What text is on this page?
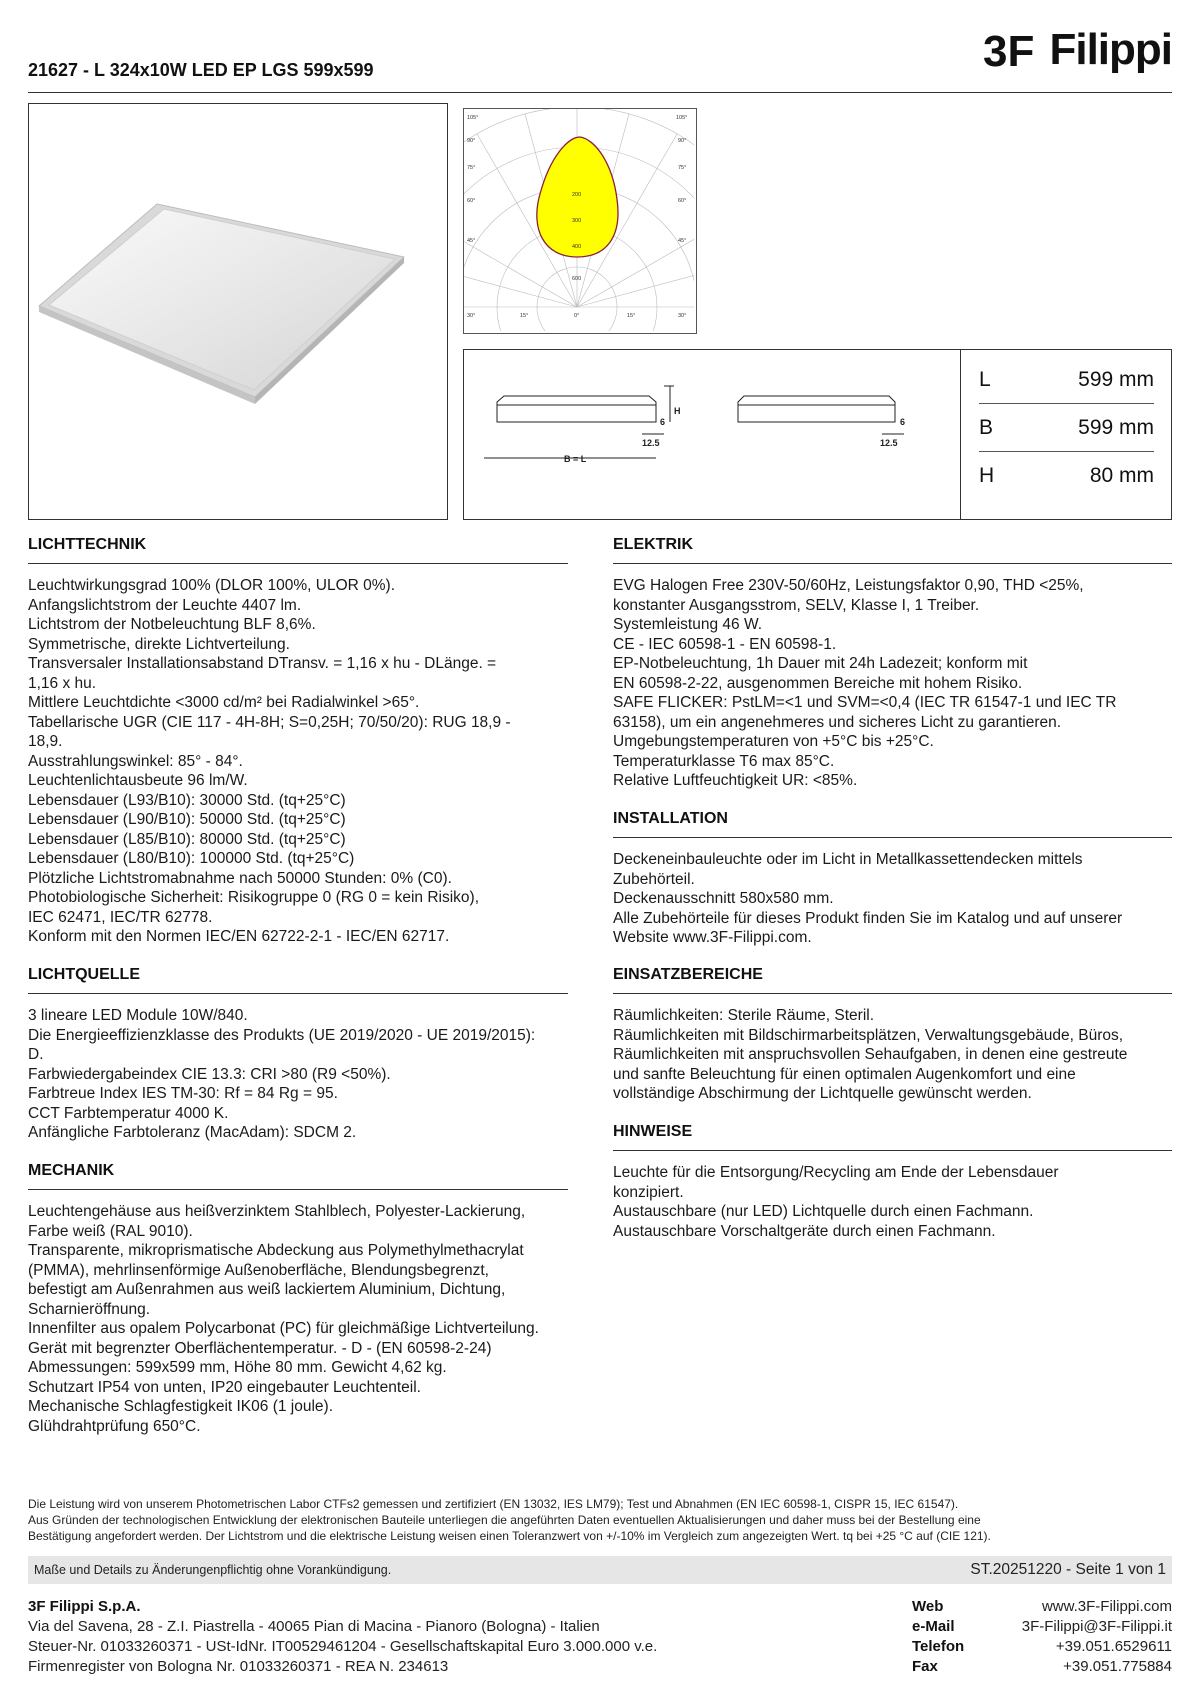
21627 - L 324x10W LED EP LGS 599x599	3F Filippi
105°	105°
90°	90°
75°	75°
60°	60°
45°	45°
30°	15°	0°	15°	30°
200
300
400
600
H
6	6
12.5	12.5
B = L
L	599 mm
B	599 mm
H	80 mm
LICHTTECHNIK
Leuchtwirkungsgrad 100% (DLOR 100%, ULOR 0%).
Anfangslichtstrom der Leuchte 4407 lm.
Lichtstrom der Notbeleuchtung BLF 8,6%.
Symmetrische, direkte Lichtverteilung.
Transversaler Installationsabstand DTransv. = 1,16 x hu - DLänge. =
1,16 x hu.
Mittlere Leuchtdichte <3000 cd/m² bei Radialwinkel >65°.
Tabellarische UGR (CIE 117 - 4H-8H; S=0,25H; 70/50/20): RUG 18,9 -
18,9.
Ausstrahlungswinkel: 85° - 84°.
Leuchtenlichtausbeute 96 lm/W.
Lebensdauer (L93/B10): 30000 Std. (tq+25°C)
Lebensdauer (L90/B10): 50000 Std. (tq+25°C)
Lebensdauer (L85/B10): 80000 Std. (tq+25°C)
Lebensdauer (L80/B10): 100000 Std. (tq+25°C)
Plötzliche Lichtstromabnahme nach 50000 Stunden: 0% (C0).
Photobiologische Sicherheit: Risikogruppe 0 (RG 0 = kein Risiko),
IEC 62471, IEC/TR 62778.
Konform mit den Normen IEC/EN 62722-2-1 - IEC/EN 62717.
LICHTQUELLE
3 lineare LED Module 10W/840.
Die Energieeffizienzklasse des Produkts (UE 2019/2020 - UE 2019/2015):
D.
Farbwiedergabeindex CIE 13.3: CRI >80 (R9 <50%).
Farbtreue Index IES TM-30: Rf = 84 Rg = 95.
CCT Farbtemperatur 4000 K.
Anfängliche Farbtoleranz (MacAdam): SDCM 2.
MECHANIK
Leuchtengehäuse aus heißverzinktem Stahlblech, Polyester-Lackierung,
Farbe weiß (RAL 9010).
Transparente, mikroprismatische Abdeckung aus Polymethylmethacrylat
(PMMA), mehrlinsenförmige Außenoberfläche, Blendungsbegrenzt,
befestigt am Außenrahmen aus weiß lackiertem Aluminium, Dichtung,
Scharnieröffnung.
Innenfilter aus opalem Polycarbonat (PC) für gleichmäßige Lichtverteilung.
Gerät mit begrenzter Oberflächentemperatur. - D - (EN 60598-2-24)
Abmessungen: 599x599 mm, Höhe 80 mm. Gewicht 4,62 kg.
Schutzart IP54 von unten, IP20 eingebauter Leuchtenteil.
Mechanische Schlagfestigkeit IK06 (1 joule).
Glühdrahtprüfung 650°C.
ELEKTRIK
EVG Halogen Free 230V-50/60Hz, Leistungsfaktor 0,90, THD <25%,
konstanter Ausgangsstrom, SELV, Klasse I, 1 Treiber.
Systemleistung 46 W.
CE - IEC 60598-1 - EN 60598-1.
EP-Notbeleuchtung, 1h Dauer mit 24h Ladezeit; konform mit
EN 60598-2-22, ausgenommen Bereiche mit hohem Risiko.
SAFE FLICKER: PstLM=<1 und SVM=<0,4 (IEC TR 61547-1 und IEC TR
63158), um ein angenehmeres und sicheres Licht zu garantieren.
Umgebungstemperaturen von +5°C bis +25°C.
Temperaturklasse T6 max 85°C.
Relative Luftfeuchtigkeit UR: <85%.
INSTALLATION
Deckeneinbauleuchte oder im Licht in Metallkassettendecken mittels
Zubehörteil.
Deckenausschnitt 580x580 mm.
Alle Zubehörteile für dieses Produkt finden Sie im Katalog und auf unserer
Website www.3F-Filippi.com.
EINSATZBEREICHE
Räumlichkeiten: Sterile Räume, Steril.
Räumlichkeiten mit Bildschirmarbeitsplätzen, Verwaltungsgebäude, Büros,
Räumlichkeiten mit anspruchsvollen Sehaufgaben, in denen eine gestreute
und sanfte Beleuchtung für einen optimalen Augenkomfort und eine
vollständige Abschirmung der Lichtquelle gewünscht werden.
HINWEISE
Leuchte für die Entsorgung/Recycling am Ende der Lebensdauer
konzipiert.
Austauschbare (nur LED) Lichtquelle durch einen Fachmann.
Austauschbare Vorschaltgeräte durch einen Fachmann.
Die Leistung wird von unserem Photometrischen Labor CTFs2 gemessen und zertifiziert (EN 13032, IES LM79); Test und Abnahmen (EN IEC 60598-1, CISPR 15, IEC 61547).
Aus Gründen der technologischen Entwicklung der elektronischen Bauteile unterliegen die angeführten Daten eventuellen Aktualisierungen und daher muss bei der Bestellung eine
Bestätigung angefordert werden. Der Lichtstrom und die elektrische Leistung weisen einen Toleranzwert von +/-10% im Vergleich zum angezeigten Wert. tq bei +25 °C auf (CIE 121).
Maße und Details zu Änderungenpflichtig ohne Vorankündigung.	ST.20251220 - Seite 1 von 1
3F Filippi S.p.A.
Via del Savena, 28 - Z.I. Piastrella - 40065 Pian di Macina - Pianoro (Bologna) - Italien
Steuer-Nr. 01033260371 - USt-IdNr. IT00529461204 - Gesellschaftskapital Euro 3.000.000 v.e.
Firmenregister von Bologna Nr. 01033260371 - REA N. 234613
Web	www.3F-Filippi.com
e-Mail	3F-Filippi@3F-Filippi.it
Telefon	+39.051.6529611
Fax	+39.051.775884
